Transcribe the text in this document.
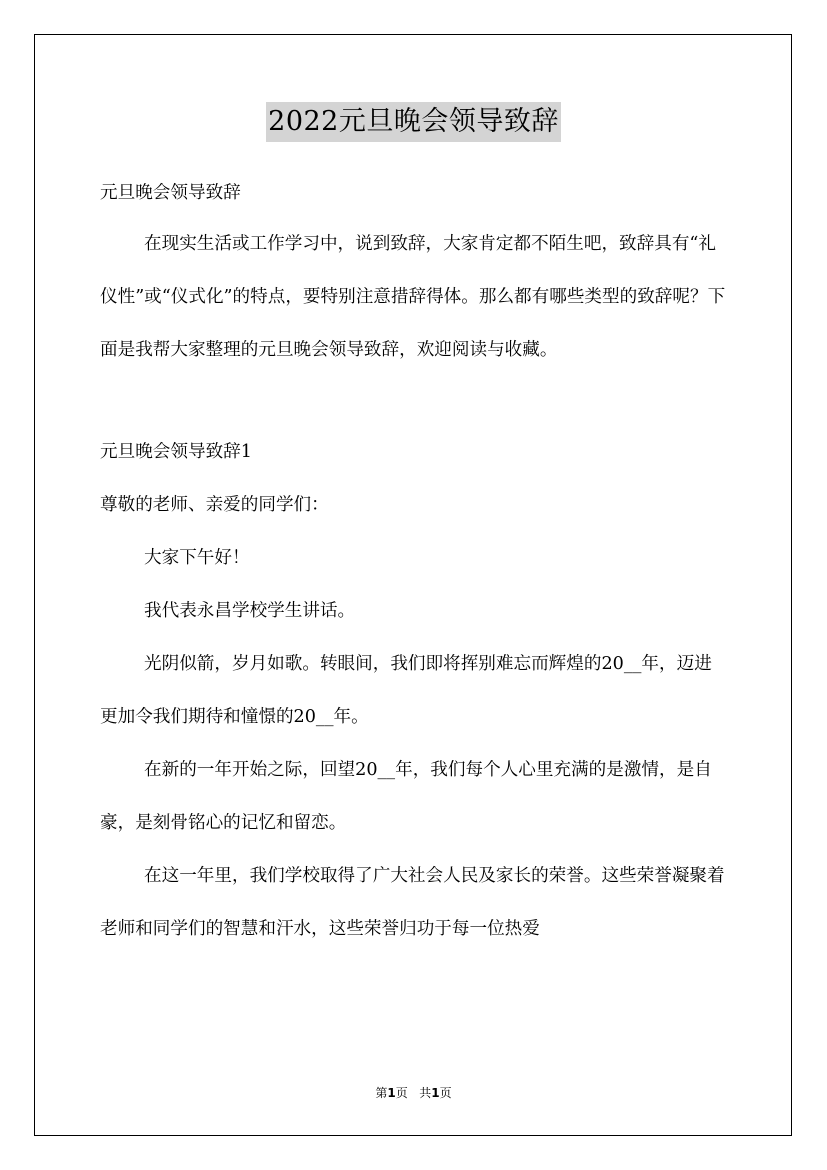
2022元旦晚会领导致辞

元旦晚会领导致辞

在现实生活或工作学习中，说到致辞，大家肯定都不陌生吧，致辞具有“礼仪性”或“仪式化”的特点，要特别注意措辞得体。那么都有哪些类型的致辞呢？下面是我帮大家整理的元旦晚会领导致辞，欢迎阅读与收藏。

元旦晚会领导致辞1

尊敬的老师、亲爱的同学们：

大家下午好！

我代表永昌学校学生讲话。

光阴似箭，岁月如歌。转眼间，我们即将挥别难忘而辉煌的20__年，迈进更加令我们期待和憧憬的20__年。

在新的一年开始之际，回望20__年，我们每个人心里充满的是激情，是自豪，是刻骨铭心的记忆和留恋。

在这一年里，我们学校取得了广大社会人民及家长的荣誉。这些荣誉凝聚着老师和同学们的智慧和汗水，这些荣誉归功于每一位热爱

第1页 共1页
